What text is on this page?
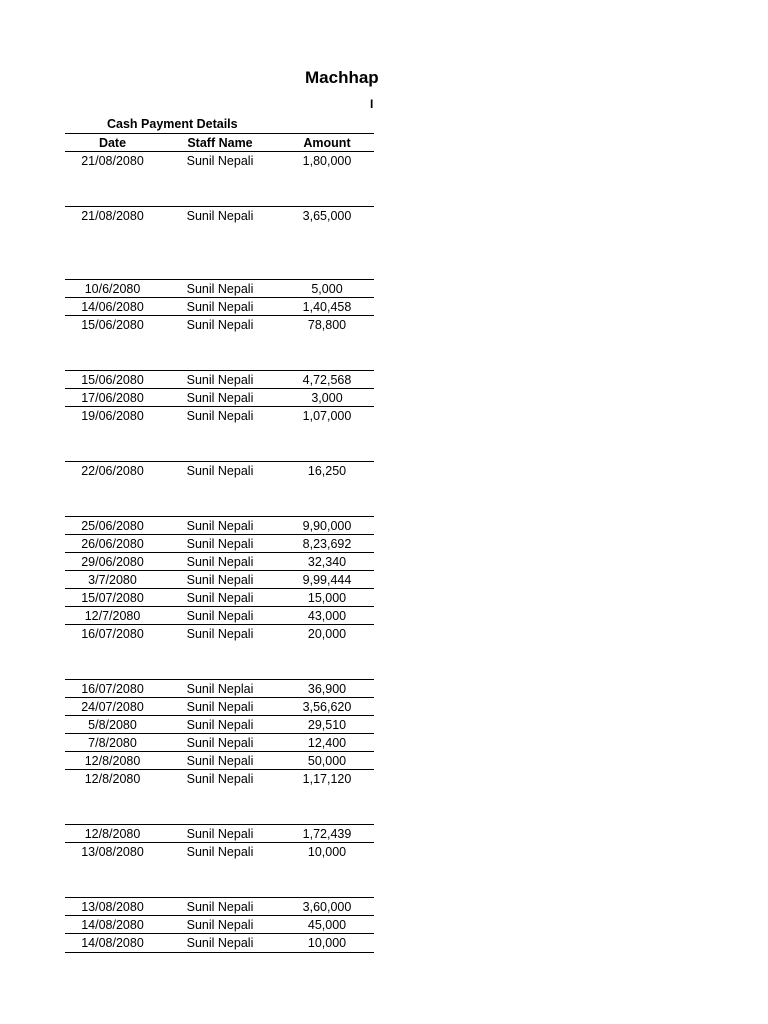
Machhap
I
Cash Payment Details
Date	Staff Name	Amount
21/08/2080	Sunil Nepali	1,80,000
21/08/2080	Sunil Nepali	3,65,000
10/6/2080	Sunil Nepali	5,000
14/06/2080	Sunil Nepali	1,40,458
15/06/2080	Sunil Nepali	78,800
15/06/2080	Sunil Nepali	4,72,568
17/06/2080	Sunil Nepali	3,000
19/06/2080	Sunil Nepali	1,07,000
22/06/2080	Sunil Nepali	16,250
25/06/2080	Sunil Nepali	9,90,000
26/06/2080	Sunil Nepali	8,23,692
29/06/2080	Sunil Nepali	32,340
3/7/2080	Sunil Nepali	9,99,444
15/07/2080	Sunil Nepali	15,000
12/7/2080	Sunil Nepali	43,000
16/07/2080	Sunil Nepali	20,000
16/07/2080	Sunil Neplai	36,900
24/07/2080	Sunil Nepali	3,56,620
5/8/2080	Sunil Nepali	29,510
7/8/2080	Sunil Nepali	12,400
12/8/2080	Sunil Nepali	50,000
12/8/2080	Sunil Nepali	1,17,120
12/8/2080	Sunil Nepali	1,72,439
13/08/2080	Sunil Nepali	10,000
13/08/2080	Sunil Nepali	3,60,000
14/08/2080	Sunil Nepali	45,000
14/08/2080	Sunil Nepali	10,000
